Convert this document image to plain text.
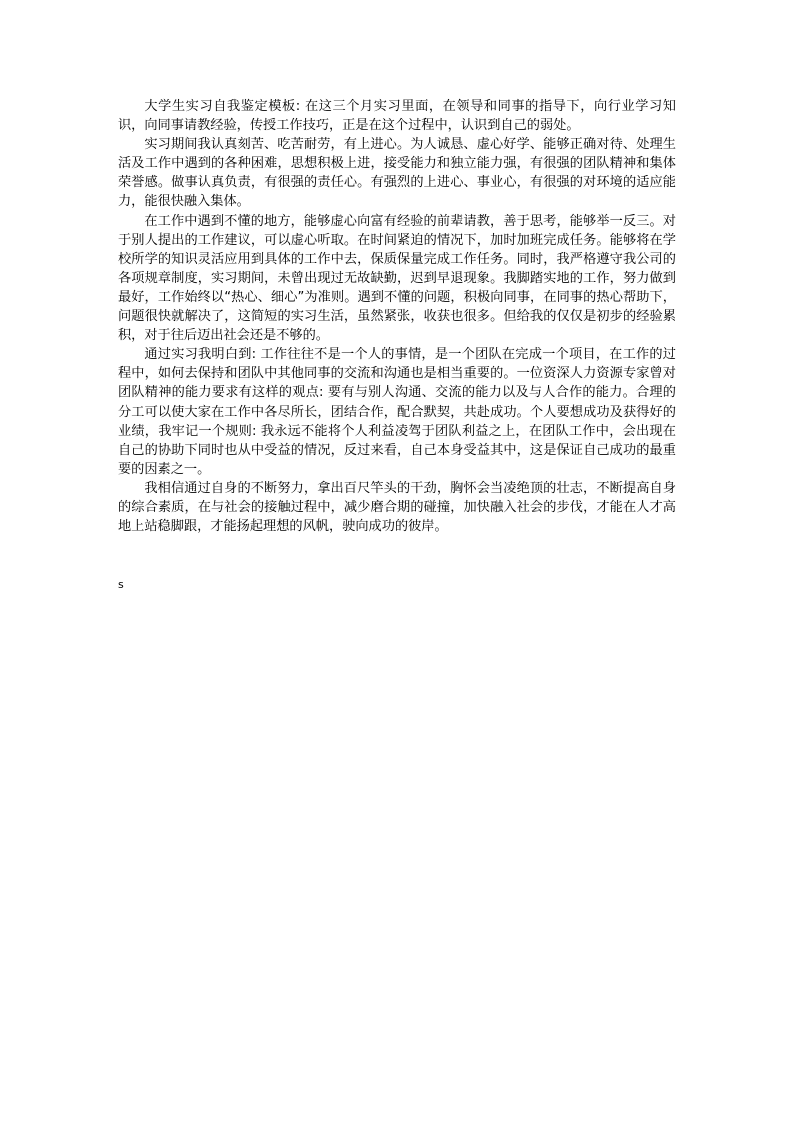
大学生实习自我鉴定模板: 在这三个月实习里面，在领导和同事的指导下，向行业学习知识，向同事请教经验，传授工作技巧，正是在这个过程中，认识到自己的弱处。

实习期间我认真刻苦、吃苦耐劳，有上进心。为人诚恳、虚心好学、能够正确对待、处理生活及工作中遇到的各种困难，思想积极上进，接受能力和独立能力强，有很强的团队精神和集体荣誉感。做事认真负责，有很强的责任心。有强烈的上进心、事业心，有很强的对环境的适应能力，能很快融入集体。

在工作中遇到不懂的地方，能够虚心向富有经验的前辈请教，善于思考，能够举一反三。对于别人提出的工作建议，可以虚心听取。在时间紧迫的情况下，加时加班完成任务。能够将在学校所学的知识灵活应用到具体的工作中去，保质保量完成工作任务。同时，我严格遵守我公司的各项规章制度，实习期间，未曾出现过无故缺勤，迟到早退现象。我脚踏实地的工作，努力做到最好，工作始终以“热心、细心”为准则。遇到不懂的问题，积极向同事，在同事的热心帮助下，问题很快就解决了，这简短的实习生活，虽然紧张，收获也很多。但给我的仅仅是初步的经验累积，对于往后迈出社会还是不够的。

通过实习我明白到: 工作往往不是一个人的事情，是一个团队在完成一个项目，在工作的过程中，如何去保持和团队中其他同事的交流和沟通也是相当重要的。一位资深人力资源专家曾对团队精神的能力要求有这样的观点: 要有与别人沟通、交流的能力以及与人合作的能力。合理的分工可以使大家在工作中各尽所长，团结合作，配合默契，共赴成功。个人要想成功及获得好的业绩，我牢记一个规则: 我永远不能将个人利益凌驾于团队利益之上，在团队工作中，会出现在自己的协助下同时也从中受益的情况，反过来看，自己本身受益其中，这是保证自己成功的最重要的因素之一。

我相信通过自身的不断努力，拿出百尺竿头的干劲，胸怀会当凌绝顶的壮志，不断提高自身的综合素质，在与社会的接触过程中，减少磨合期的碰撞，加快融入社会的步伐，才能在人才高地上站稳脚跟，才能扬起理想的风帆，驶向成功的彼岸。

s
